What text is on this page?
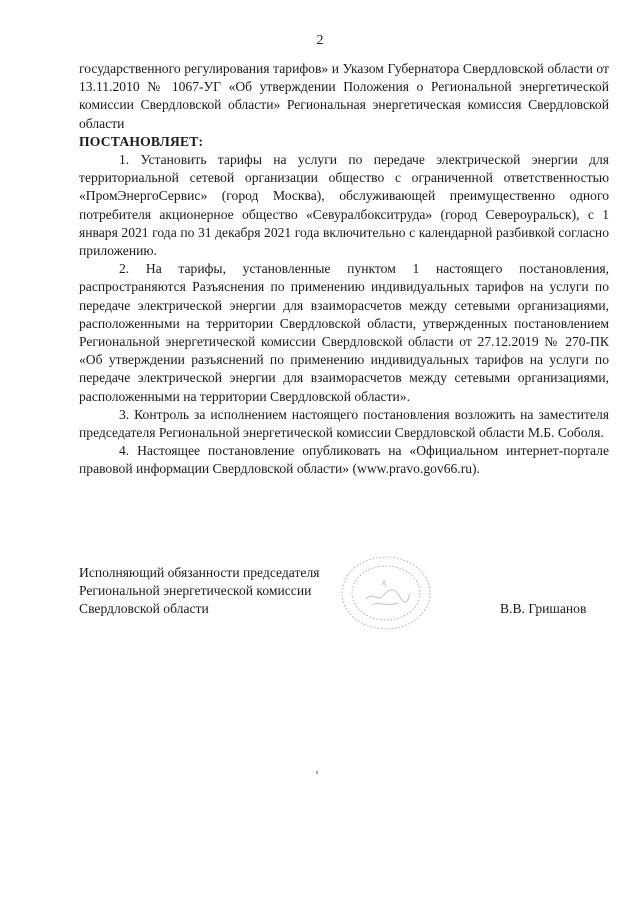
2

государственного регулирования тарифов» и Указом Губернатора Свердловской области от 13.11.2010 № 1067-УГ «Об утверждении Положения о Региональной энергетической комиссии Свердловской области» Региональная энергетическая комиссия Свердловской области

ПОСТАНОВЛЯЕТ:

1. Установить тарифы на услуги по передаче электрической энергии для территориальной сетевой организации общество с ограниченной ответственностью «ПромЭнергоСервис» (город Москва), обслуживающей преимущественно одного потребителя акционерное общество «Севуралбокситруда» (город Североуральск), с 1 января 2021 года по 31 декабря 2021 года включительно с календарной разбивкой согласно приложению.

2. На тарифы, установленные пунктом 1 настоящего постановления, распространяются Разъяснения по применению индивидуальных тарифов на услуги по передаче электрической энергии для взаиморасчетов между сетевыми организациями, расположенными на территории Свердловской области, утвержденных постановлением Региональной энергетической комиссии Свердловской области от 27.12.2019 № 270-ПК «Об утверждении разъяснений по применению индивидуальных тарифов на услуги по передаче электрической энергии для взаиморасчетов между сетевыми организациями, расположенными на территории Свердловской области».

3. Контроль за исполнением настоящего постановления возложить на заместителя председателя Региональной энергетической комиссии Свердловской области М.Б. Соболя.

4. Настоящее постановление опубликовать на «Официальном интернет-портале правовой информации Свердловской области» (www.pravo.gov66.ru).

Исполняющий обязанности председателя
Региональной энергетической комиссии
Свердловской области	В.В. Гришанов
